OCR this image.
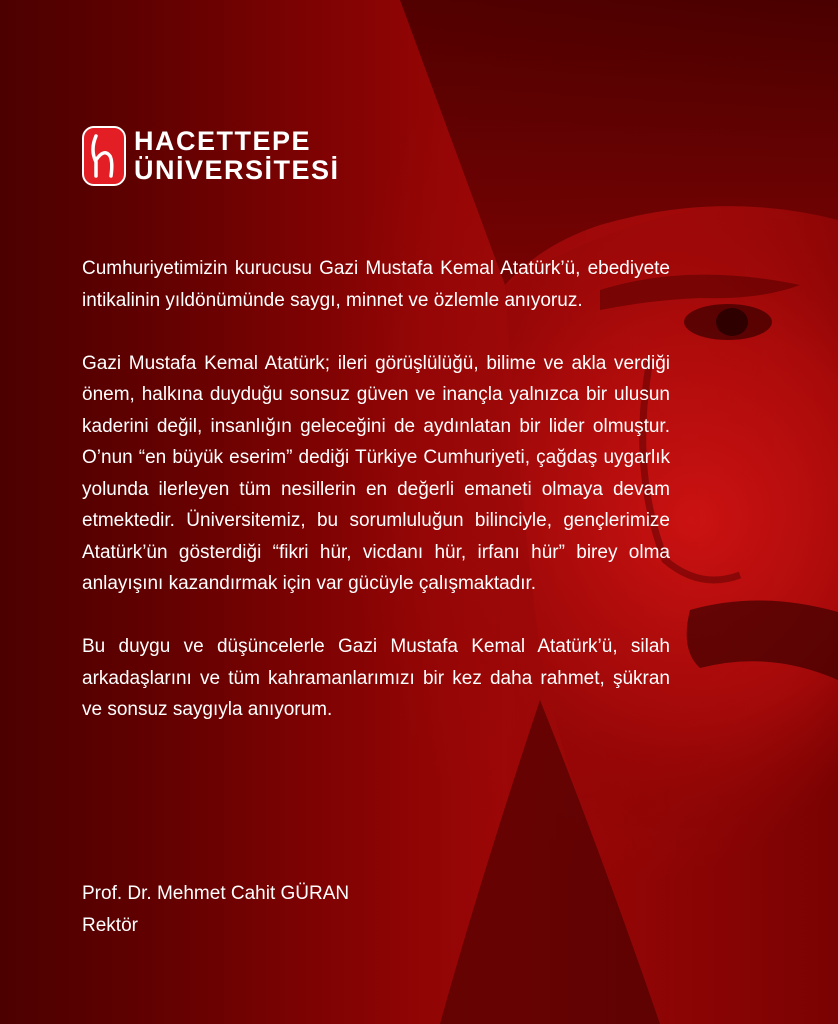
HACETTEPE
ÜNİVERSİTESİ

Cumhuriyetimizin kurucusu Gazi Mustafa Kemal Atatürk’ü, ebediyete intikalinin yıldönümünde saygı, minnet ve özlemle anıyoruz.

Gazi Mustafa Kemal Atatürk; ileri görüşlülüğü, bilime ve akla verdiği önem, halkına duyduğu sonsuz güven ve inançla yalnızca bir ulusun kaderini değil, insanlığın geleceğini de aydınlatan bir lider olmuştur. O’nun “en büyük eserim” dediği Türkiye Cumhuriyeti, çağdaş uygarlık yolunda ilerleyen tüm nesillerin en değerli emaneti olmaya devam etmektedir. Üniversitemiz, bu sorumluluğun bilinciyle, gençlerimize Atatürk’ün gösterdiği “fikri hür, vicdanı hür, irfanı hür” birey olma anlayışını kazandırmak için var gücüyle çalışmaktadır.

Bu duygu ve düşüncelerle Gazi Mustafa Kemal Atatürk’ü, silah arkadaşlarını ve tüm kahramanlarımızı bir kez daha rahmet, şükran ve sonsuz saygıyla anıyorum.

Prof. Dr. Mehmet Cahit GÜRAN
Rektör
